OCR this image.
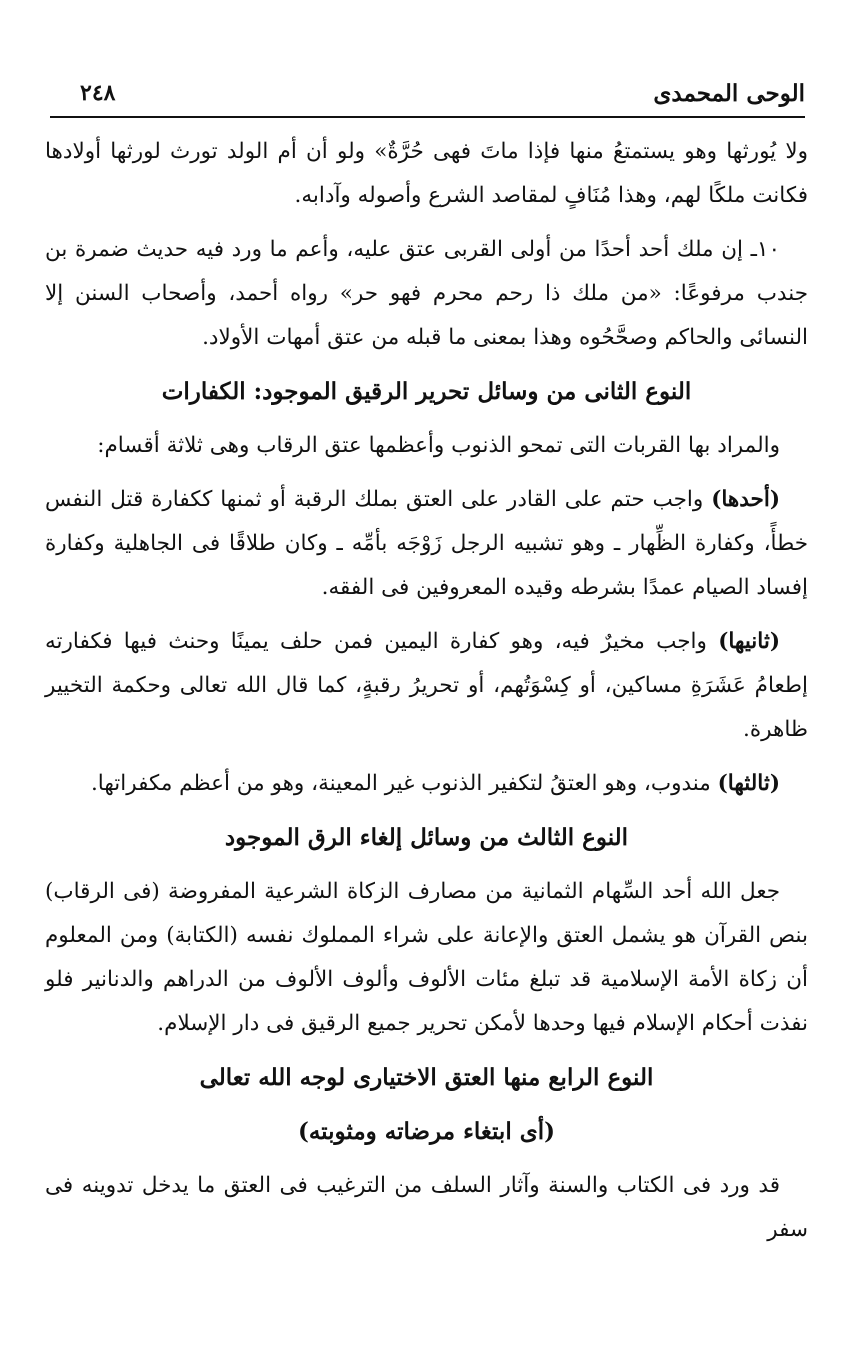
الوحى المحمدى
٢٤٨

ولا يُورثها وهو يستمتعُ منها فإذا ماتَ فهى حُرَّةٌ» ولو أن أم الولد تورث لورثها أولادها فكانت ملكًا لهم، وهذا مُنَافٍ لمقاصد الشرع وأصوله وآدابه.

١٠ـ إن ملك أحد أحدًا من أولى القربى عتق عليه، وأعم ما ورد فيه حديث ضمرة بن جندب مرفوعًا: «من ملك ذا رحم محرم فهو حر» رواه أحمد، وأصحاب السنن إلا النسائى والحاكم وصحَّحُوه وهذا بمعنى ما قبله من عتق أمهات الأولاد.

النوع الثانى من وسائل تحرير الرقيق الموجود: الكفارات

والمراد بها القربات التى تمحو الذنوب وأعظمها عتق الرقاب وهى ثلاثة أقسام:

(أحدها) واجب حتم على القادر على العتق بملك الرقبة أو ثمنها ككفارة قتل النفس خطأً، وكفارة الظِّهار ـ وهو تشبيه الرجل زَوْجَه بأمِّه ـ وكان طلاقًا فى الجاهلية وكفارة إفساد الصيام عمدًا بشرطه وقيده المعروفين فى الفقه.

(ثانيها) واجب مخيرٌ فيه، وهو كفارة اليمين فمن حلف يمينًا وحنث فيها فكفارته إطعامُ عَشَرَةِ مساكين، أو كِسْوَتُهم، أو تحريرُ رقبةٍ، كما قال الله تعالى وحكمة التخيير ظاهرة.

(ثالثها) مندوب، وهو العتقُ لتكفير الذنوب غير المعينة، وهو من أعظم مكفراتها.

النوع الثالث من وسائل إلغاء الرق الموجود

جعل الله أحد السِّهام الثمانية من مصارف الزكاة الشرعية المفروضة (فى الرقاب) بنص القرآن هو يشمل العتق والإعانة على شراء المملوك نفسه (الكتابة) ومن المعلوم أن زكاة الأمة الإسلامية قد تبلغ مئات الألوف وألوف الألوف من الدراهم والدنانير فلو نفذت أحكام الإسلام فيها وحدها لأمكن تحرير جميع الرقيق فى دار الإسلام.

النوع الرابع منها العتق الاختيارى لوجه الله تعالى

(أى ابتغاء مرضاته ومثوبته)

قد ورد فى الكتاب والسنة وآثار السلف من الترغيب فى العتق ما يدخل تدوينه فى سفر
